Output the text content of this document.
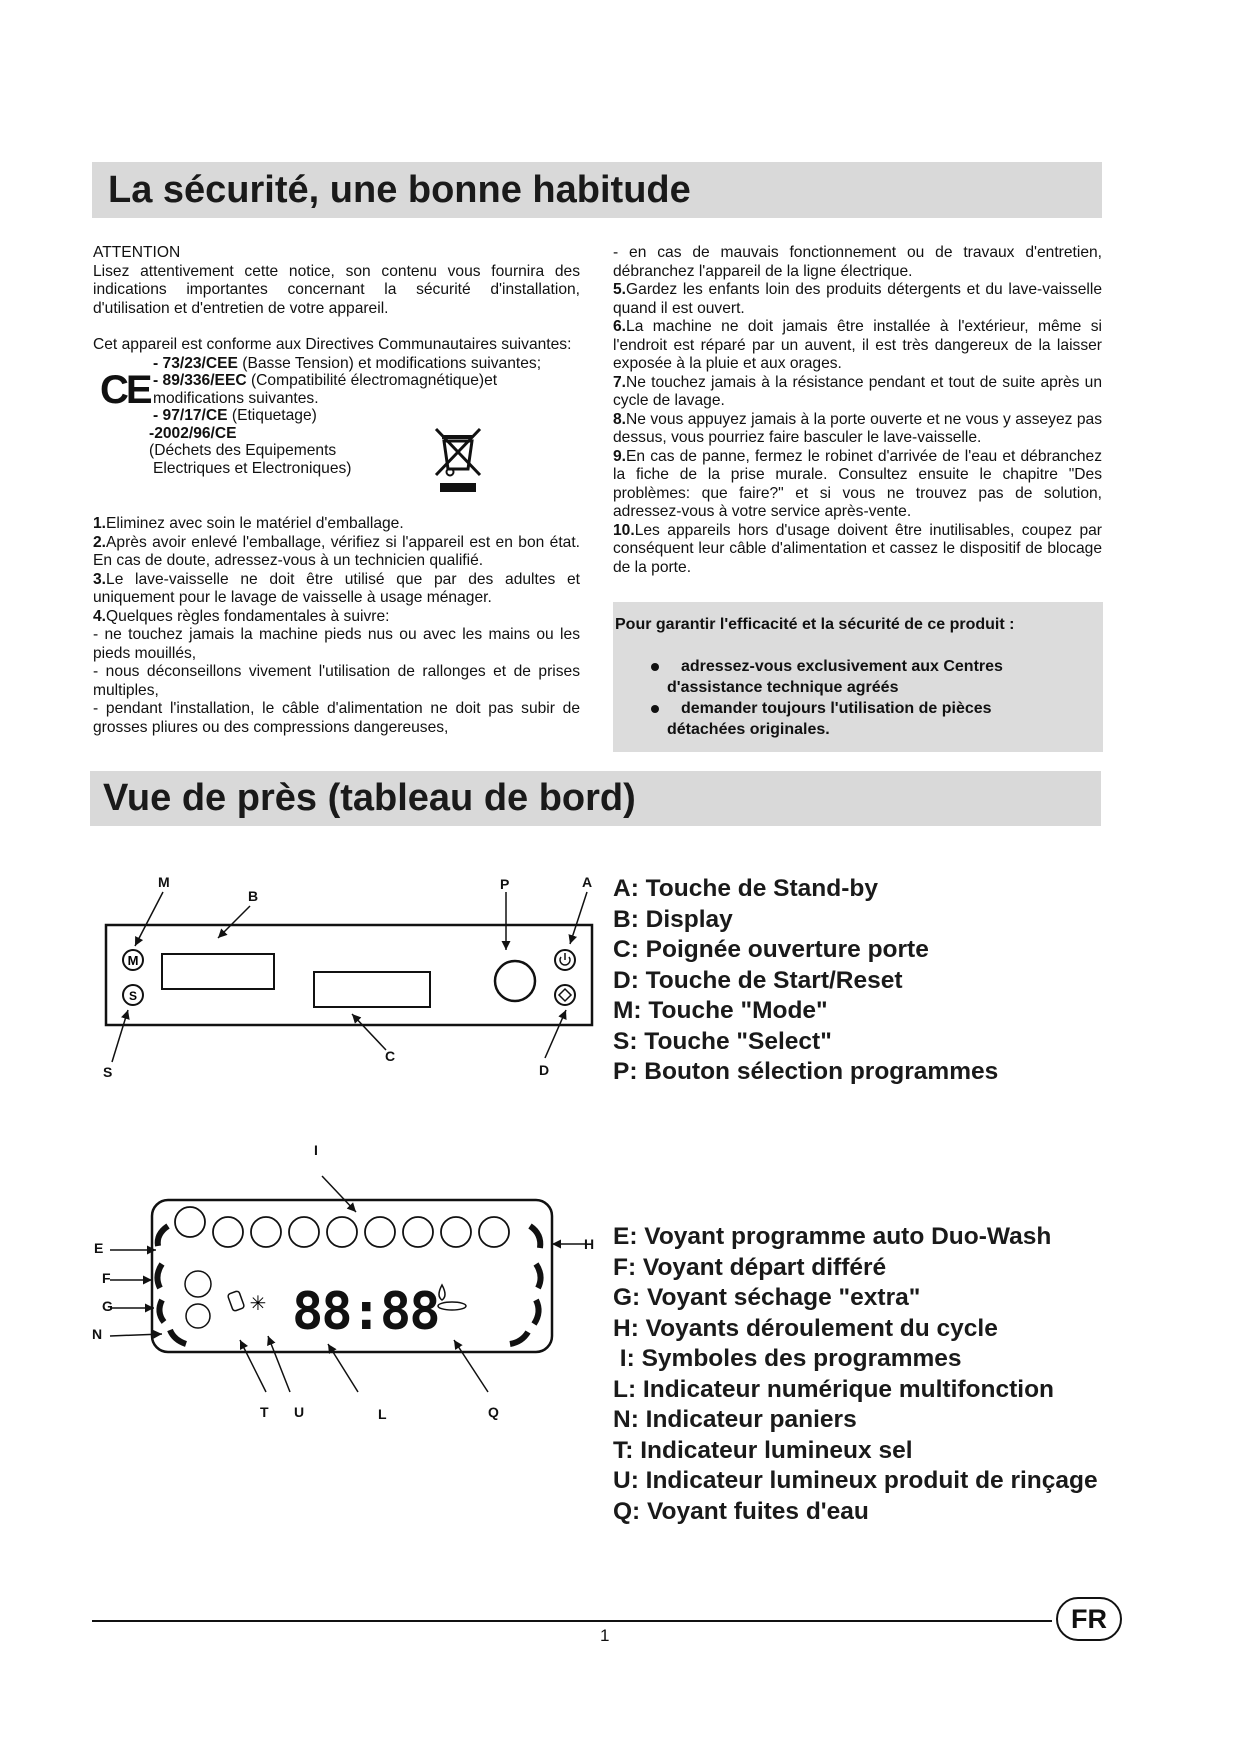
La sécurité, une bonne habitude

ATTENTION

Lisez attentivement cette notice, son contenu vous fournira des indications importantes concernant la sécurité d'installation, d'utilisation et d'entretien de votre appareil.

Cet appareil est conforme aux Directives Communautaires suivantes:

- 73/23/CEE (Basse Tension) et modifications suivantes;
CE - 89/336/EEC (Compatibilité électromagnétique)et
modifications suivantes.
- 97/17/CE (Etiquetage)
-2002/96/CE
(Déchets des Equipements
Electriques et Electroniques)

1.Eliminez avec soin le matériel d'emballage.

2.Après avoir enlevé l'emballage, vérifiez si l'appareil est en bon état. En cas de doute, adressez-vous à un technicien qualifié.

3.Le lave-vaisselle ne doit être utilisé que par des adultes et uniquement pour le lavage de vaisselle à usage ménager.

4.Quelques règles fondamentales à suivre:

- ne touchez jamais la machine pieds nus ou avec les mains ou les pieds mouillés,

- nous déconseillons vivement l'utilisation de rallonges et de prises multiples,

- pendant l'installation, le câble d'alimentation ne doit pas subir de grosses pliures ou des compressions dangereuses,

- en cas de mauvais fonctionnement ou de travaux d'entretien, débranchez l'appareil de la ligne électrique.

5.Gardez les enfants loin des produits détergents et du lave-vaisselle quand il est ouvert.

6.La machine ne doit jamais être installée à l'extérieur, même si l'endroit est réparé par un auvent, il est très dangereux de la laisser exposée à la pluie et aux orages.

7.Ne touchez jamais à la résistance pendant et tout de suite après un cycle de lavage.

8.Ne vous appuyez jamais à la porte ouverte et ne vous y asseyez pas dessus, vous pourriez faire basculer le lave-vaisselle.

9.En cas de panne, fermez le robinet d'arrivée de l'eau et débranchez la fiche de la prise murale. Consultez ensuite le chapitre "Des problèmes: que faire?" et si vous ne trouvez pas de solution, adressez-vous à votre service après-vente.

10.Les appareils hors d'usage doivent être inutilisables, coupez par conséquent leur câble d'alimentation et cassez le dispositif de blocage de la porte.

Pour garantir l'efficacité et la sécurité de ce produit :
adressez-vous exclusivement aux Centres
d'assistance technique agréés
demander toujours l'utilisation de pièces
détachées originales.
Vue de près (tableau de bord)
M
S
M
B
P	A
S
C
D
A: Touche de Stand-by
B: Display
C: Poignée ouverture porte
D: Touche de Start/Reset
M: Touche "Mode"
S: Touche "Select"
P: Bouton sélection programmes
✳ 88:88
I
E
F
G
N
H
T U	L	Q
E: Voyant programme auto Duo-Wash
F: Voyant départ différé
G: Voyant séchage "extra"
H: Voyants déroulement du cycle
I: Symboles des programmes
L: Indicateur numérique multifonction
N: Indicateur paniers
T: Indicateur lumineux sel
U: Indicateur lumineux produit de rinçage
Q: Voyant fuites d'eau
1
FR
